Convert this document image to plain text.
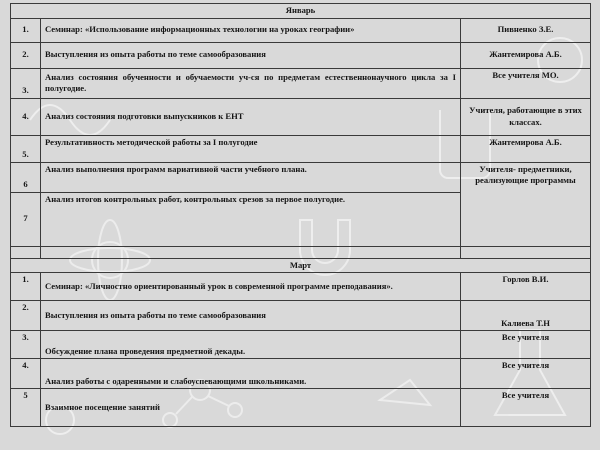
Январь		
1.	Семинар: «Использование информационных технологии на уроках географии»	Пивненко З.Е.
2.	Выступления из опыта работы по теме самообразования	Жантемирова А.Б.
3.	Анализ состояния обученности и обучаемости уч-ся по предметам естественнонаучного цикла за I полугодие.	Все учителя МО.
4.	Анализ состояния подготовки выпускников к ЕНТ	Учителя, работающие в этих классах.
5.	Результативность методической работы за I полугодие	Жантемирова А.Б.
6	Анализ выполнения программ вариативной части учебного плана.	Учителя- предметники, реализующие программы
7	Анализ итогов контрольных работ, контрольных срезов за первое полугодие.	

Март		
1.	Семинар: «Личностно ориентированный урок в современной программе преподавания».	Горлов В.И.
2.	Выступления из опыта работы по теме самообразования	Калиева Т.Н
3.	Обсуждение плана проведения предметной декады.	Все учителя
4.	Анализ работы с одаренными и слабоуспевающими школьниками.	Все учителя
5	Взаимное посещение занятий	Все учителя
